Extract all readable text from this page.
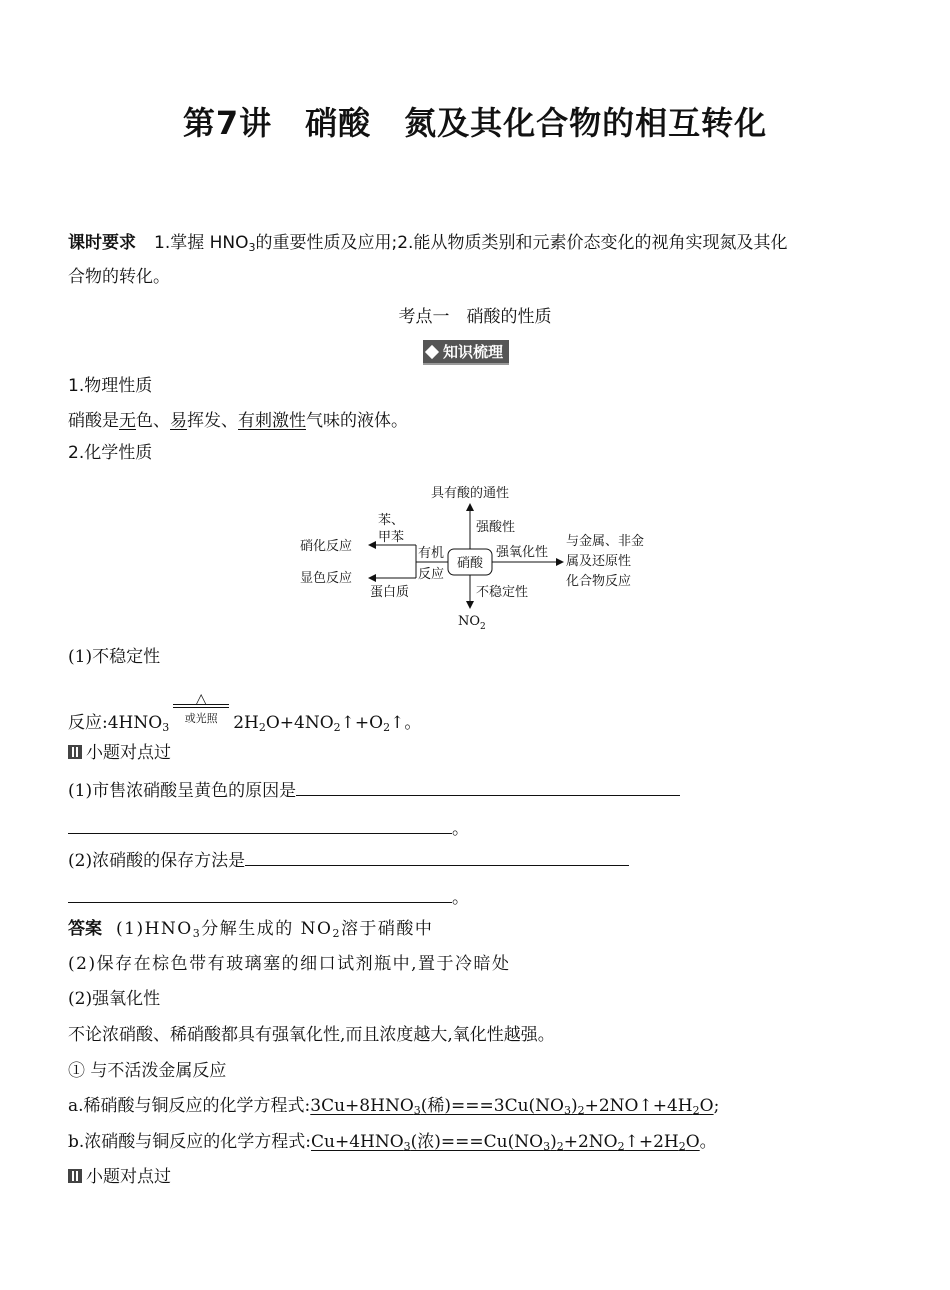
第7讲　硝酸　氮及其化合物的相互转化
课时要求 1.掌握 $HNO_3$的重要性质及应用;2.能从物质类别和元素价态变化的视角实现氮及其化
合物的转化。
考点一　硝酸的性质
知识梳理
1.物理性质
硝酸是无色、易挥发、有刺激性气味的液体。
2.化学性质
硝酸
具有酸的通性
强酸性
强氧化性
与金属、非金
属及还原性
化合物反应
不稳定性
$NO_2$
有机
反应
苯、
甲苯
硝化反应
显色反应
蛋白质
(1)不稳定性
反应$:4HNO_3$
△
或光照 $2H_2O+4NO_2↑+O_2↑$。
小题对点过
(1)市售浓硝酸呈黄色的原因是
。
(2)浓硝酸的保存方法是
。
答案 $(1)HNO_3$分解生成的 $NO_2$溶于硝酸中
(2)保存在棕色带有玻璃塞的细口试剂瓶中,置于冷暗处
(2)强氧化性
不论浓硝酸、稀硝酸都具有强氧化性,而且浓度越大,氧化性越强。
① 与不活泼金属反应
a.稀硝酸与铜反应的化学方程式$:3Cu+8HNO_3$(稀)$===3Cu(NO_3)_2+2NO↑+4H_2O$;
b.浓硝酸与铜反应的化学方程式$:Cu+4HNO_3$(浓)$===Cu(NO_3)_2+2NO_2↑+2H_2O$。
小题对点过
